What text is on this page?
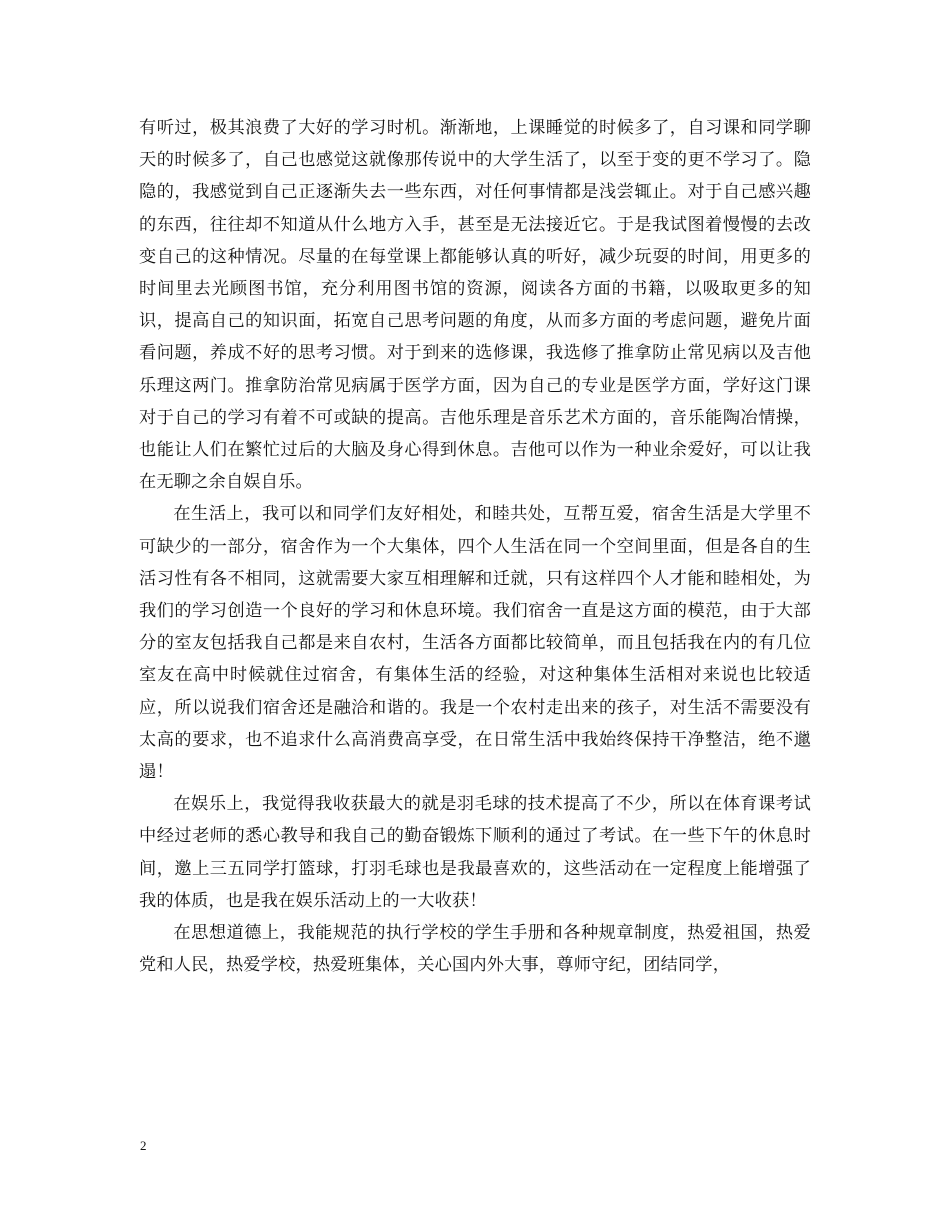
有听过，极其浪费了大好的学习时机。渐渐地，上课睡觉的时候多了，自习课和同学聊天的时候多了，自己也感觉这就像那传说中的大学生活了，以至于变的更不学习了。隐隐的，我感觉到自己正逐渐失去一些东西，对任何事情都是浅尝辄止。对于自己感兴趣的东西，往往却不知道从什么地方入手，甚至是无法接近它。于是我试图着慢慢的去改变自己的这种情况。尽量的在每堂课上都能够认真的听好，减少玩耍的时间，用更多的时间里去光顾图书馆，充分利用图书馆的资源，阅读各方面的书籍，以吸取更多的知识，提高自己的知识面，拓宽自己思考问题的角度，从而多方面的考虑问题，避免片面看问题，养成不好的思考习惯。对于到来的选修课，我选修了推拿防止常见病以及吉他乐理这两门。推拿防治常见病属于医学方面，因为自己的专业是医学方面，学好这门课对于自己的学习有着不可或缺的提高。吉他乐理是音乐艺术方面的，音乐能陶冶情操，也能让人们在繁忙过后的大脑及身心得到休息。吉他可以作为一种业余爱好，可以让我在无聊之余自娱自乐。

在生活上，我可以和同学们友好相处，和睦共处，互帮互爱，宿舍生活是大学里不可缺少的一部分，宿舍作为一个大集体，四个人生活在同一个空间里面，但是各自的生活习性有各不相同，这就需要大家互相理解和迁就，只有这样四个人才能和睦相处，为我们的学习创造一个良好的学习和休息环境。我们宿舍一直是这方面的模范，由于大部分的室友包括我自己都是来自农村，生活各方面都比较简单，而且包括我在内的有几位室友在高中时候就住过宿舍，有集体生活的经验，对这种集体生活相对来说也比较适应，所以说我们宿舍还是融洽和谐的。我是一个农村走出来的孩子，对生活不需要没有太高的要求，也不追求什么高消费高享受，在日常生活中我始终保持干净整洁，绝不邋遢！

在娱乐上，我觉得我收获最大的就是羽毛球的技术提高了不少，所以在体育课考试中经过老师的悉心教导和我自己的勤奋锻炼下顺利的通过了考试。在一些下午的休息时间，邀上三五同学打篮球，打羽毛球也是我最喜欢的，这些活动在一定程度上能增强了我的体质，也是我在娱乐活动上的一大收获！

在思想道德上，我能规范的执行学校的学生手册和各种规章制度，热爱祖国，热爱党和人民，热爱学校，热爱班集体，关心国内外大事，尊师守纪，团结同学，

2
